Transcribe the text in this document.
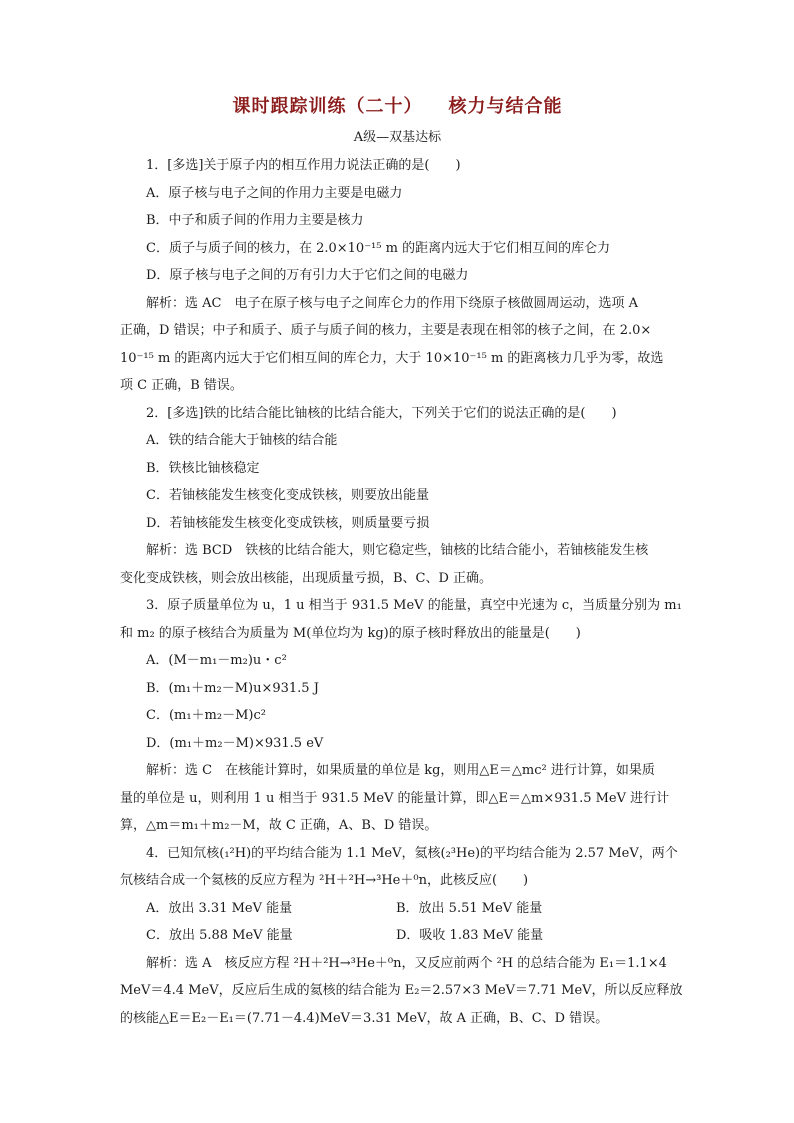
课时跟踪训练（二十） 核力与结合能
A级—双基达标
1．[多选]关于原子内的相互作用力说法正确的是(　　)
A．原子核与电子之间的作用力主要是电磁力
B．中子和质子间的作用力主要是核力
C．质子与质子间的核力，在 2.0×10⁻¹⁵ m 的距离内远大于它们相互间的库仑力
D．原子核与电子之间的万有引力大于它们之间的电磁力
解析：选 AC　电子在原子核与电子之间库仑力的作用下绕原子核做圆周运动，选项 A
正确，D 错误；中子和质子、质子与质子间的核力，主要是表现在相邻的核子之间，在 2.0×
10⁻¹⁵ m 的距离内远大于它们相互间的库仑力，大于 10×10⁻¹⁵ m 的距离核力几乎为零，故选
项 C 正确，B 错误。
2．[多选]铁的比结合能比铀核的比结合能大，下列关于它们的说法正确的是(　　)
A．铁的结合能大于铀核的结合能
B．铁核比铀核稳定
C．若铀核能发生核变化变成铁核，则要放出能量
D．若铀核能发生核变化变成铁核，则质量要亏损
解析：选 BCD　铁核的比结合能大，则它稳定些，铀核的比结合能小，若铀核能发生核
变化变成铁核，则会放出核能，出现质量亏损，B、C、D 正确。
3．原子质量单位为 u，1 u 相当于 931.5 MeV 的能量，真空中光速为 c，当质量分别为 m₁
和 m₂ 的原子核结合为质量为 M(单位均为 kg)的原子核时释放出的能量是(　　)
A．(M－m₁－m₂)u・c²
B．(m₁＋m₂－M)u×931.5 J
C．(m₁＋m₂－M)c²
D．(m₁＋m₂－M)×931.5 eV
解析：选 C　在核能计算时，如果质量的单位是 kg，则用△E＝△mc² 进行计算，如果质
量的单位是 u，则利用 1 u 相当于 931.5 MeV 的能量计算，即△E＝△m×931.5 MeV 进行计
算，△m＝m₁＋m₂－M，故 C 正确，A、B、D 错误。
4．已知氘核(₁²H)的平均结合能为 1.1 MeV，氦核(₂³He)的平均结合能为 2.57 MeV，两个
氘核结合成一个氦核的反应方程为 ²H＋²H→³He＋⁰n，此核反应(　　)
A．放出 3.31 MeV 能量	B．放出 5.51 MeV 能量
C．放出 5.88 MeV 能量	D．吸收 1.83 MeV 能量
解析：选 A　核反应方程 ²H＋²H→³He＋⁰n，又反应前两个 ²H 的总结合能为 E₁＝1.1×4
MeV＝4.4 MeV，反应后生成的氦核的结合能为 E₂＝2.57×3 MeV＝7.71 MeV，所以反应释放
的核能△E＝E₂－E₁＝(7.71－4.4)MeV＝3.31 MeV，故 A 正确，B、C、D 错误。
